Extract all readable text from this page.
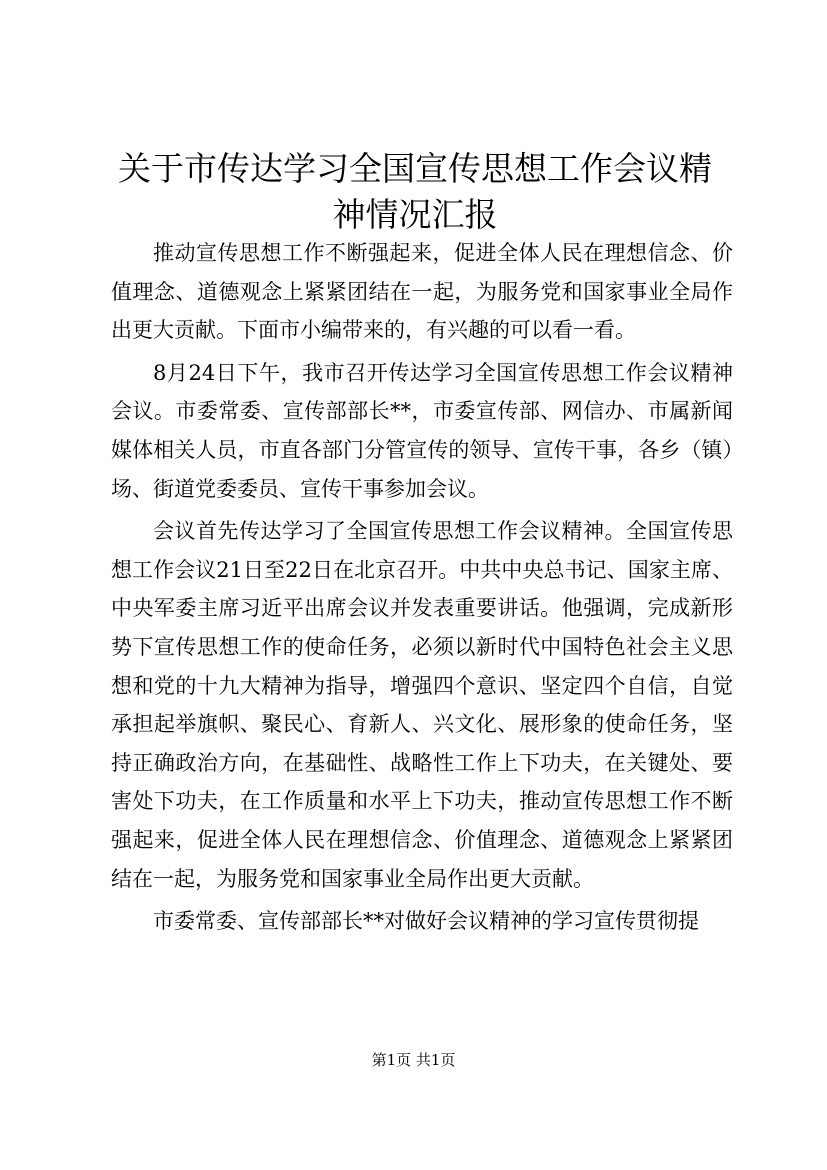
关于市传达学习全国宣传思想工作会议精神情况汇报

推动宣传思想工作不断强起来，促进全体人民在理想信念、价值理念、道德观念上紧紧团结在一起，为服务党和国家事业全局作出更大贡献。下面市小编带来的，有兴趣的可以看一看。

8月24日下午，我市召开传达学习全国宣传思想工作会议精神会议。市委常委、宣传部部长**，市委宣传部、网信办、市属新闻媒体相关人员，市直各部门分管宣传的领导、宣传干事，各乡（镇）场、街道党委委员、宣传干事参加会议。

会议首先传达学习了全国宣传思想工作会议精神。全国宣传思想工作会议21日至22日在北京召开。中共中央总书记、国家主席、中央军委主席习近平出席会议并发表重要讲话。他强调，完成新形势下宣传思想工作的使命任务，必须以新时代中国特色社会主义思想和党的十九大精神为指导，增强四个意识、坚定四个自信，自觉承担起举旗帜、聚民心、育新人、兴文化、展形象的使命任务，坚持正确政治方向，在基础性、战略性工作上下功夫，在关键处、要害处下功夫，在工作质量和水平上下功夫，推动宣传思想工作不断强起来，促进全体人民在理想信念、价值理念、道德观念上紧紧团结在一起，为服务党和国家事业全局作出更大贡献。

市委常委、宣传部部长**对做好会议精神的学习宣传贯彻提

第1页 共1页
